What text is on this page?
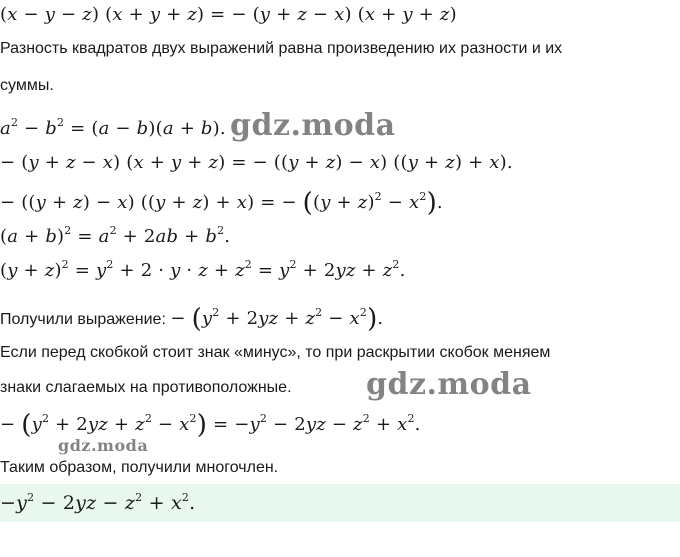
(x − y − z) (x + y + z) = − (y + z − x) (x + y + z)
Разность квадратов двух выражений равна произведению их разности и их
суммы.
$a^2 - b^2 = (a - b)(a + b)$. gdz.moda
− (y + z − x) (x + y + z) = − ((y + z) − x) ((y + z) + x).
− ((y + z) − x) ((y + z) + x) = − $((y + z)^2 - x^2)$.
$(a + b)^2 = a^2 + 2ab + b^2$.
$(y + z)^2 = y^2 + 2 \cdot y \cdot z + z^2 = y^2 + 2yz + z^2$.
Получили выражение: − $(y^2 + 2yz + z^2 - x^2)$.
Если перед скобкой стоит знак «минус», то при раскрытии скобок меняем
знаки слагаемых на противоположные. gdz.moda
− $(y^2 + 2yz + z^2 - x^2) = -y^2 - 2yz - z^2 + x^2$.
gdz.moda
Таким образом, получили многочлен.
$-y^2 - 2yz - z^2 + x^2$.
